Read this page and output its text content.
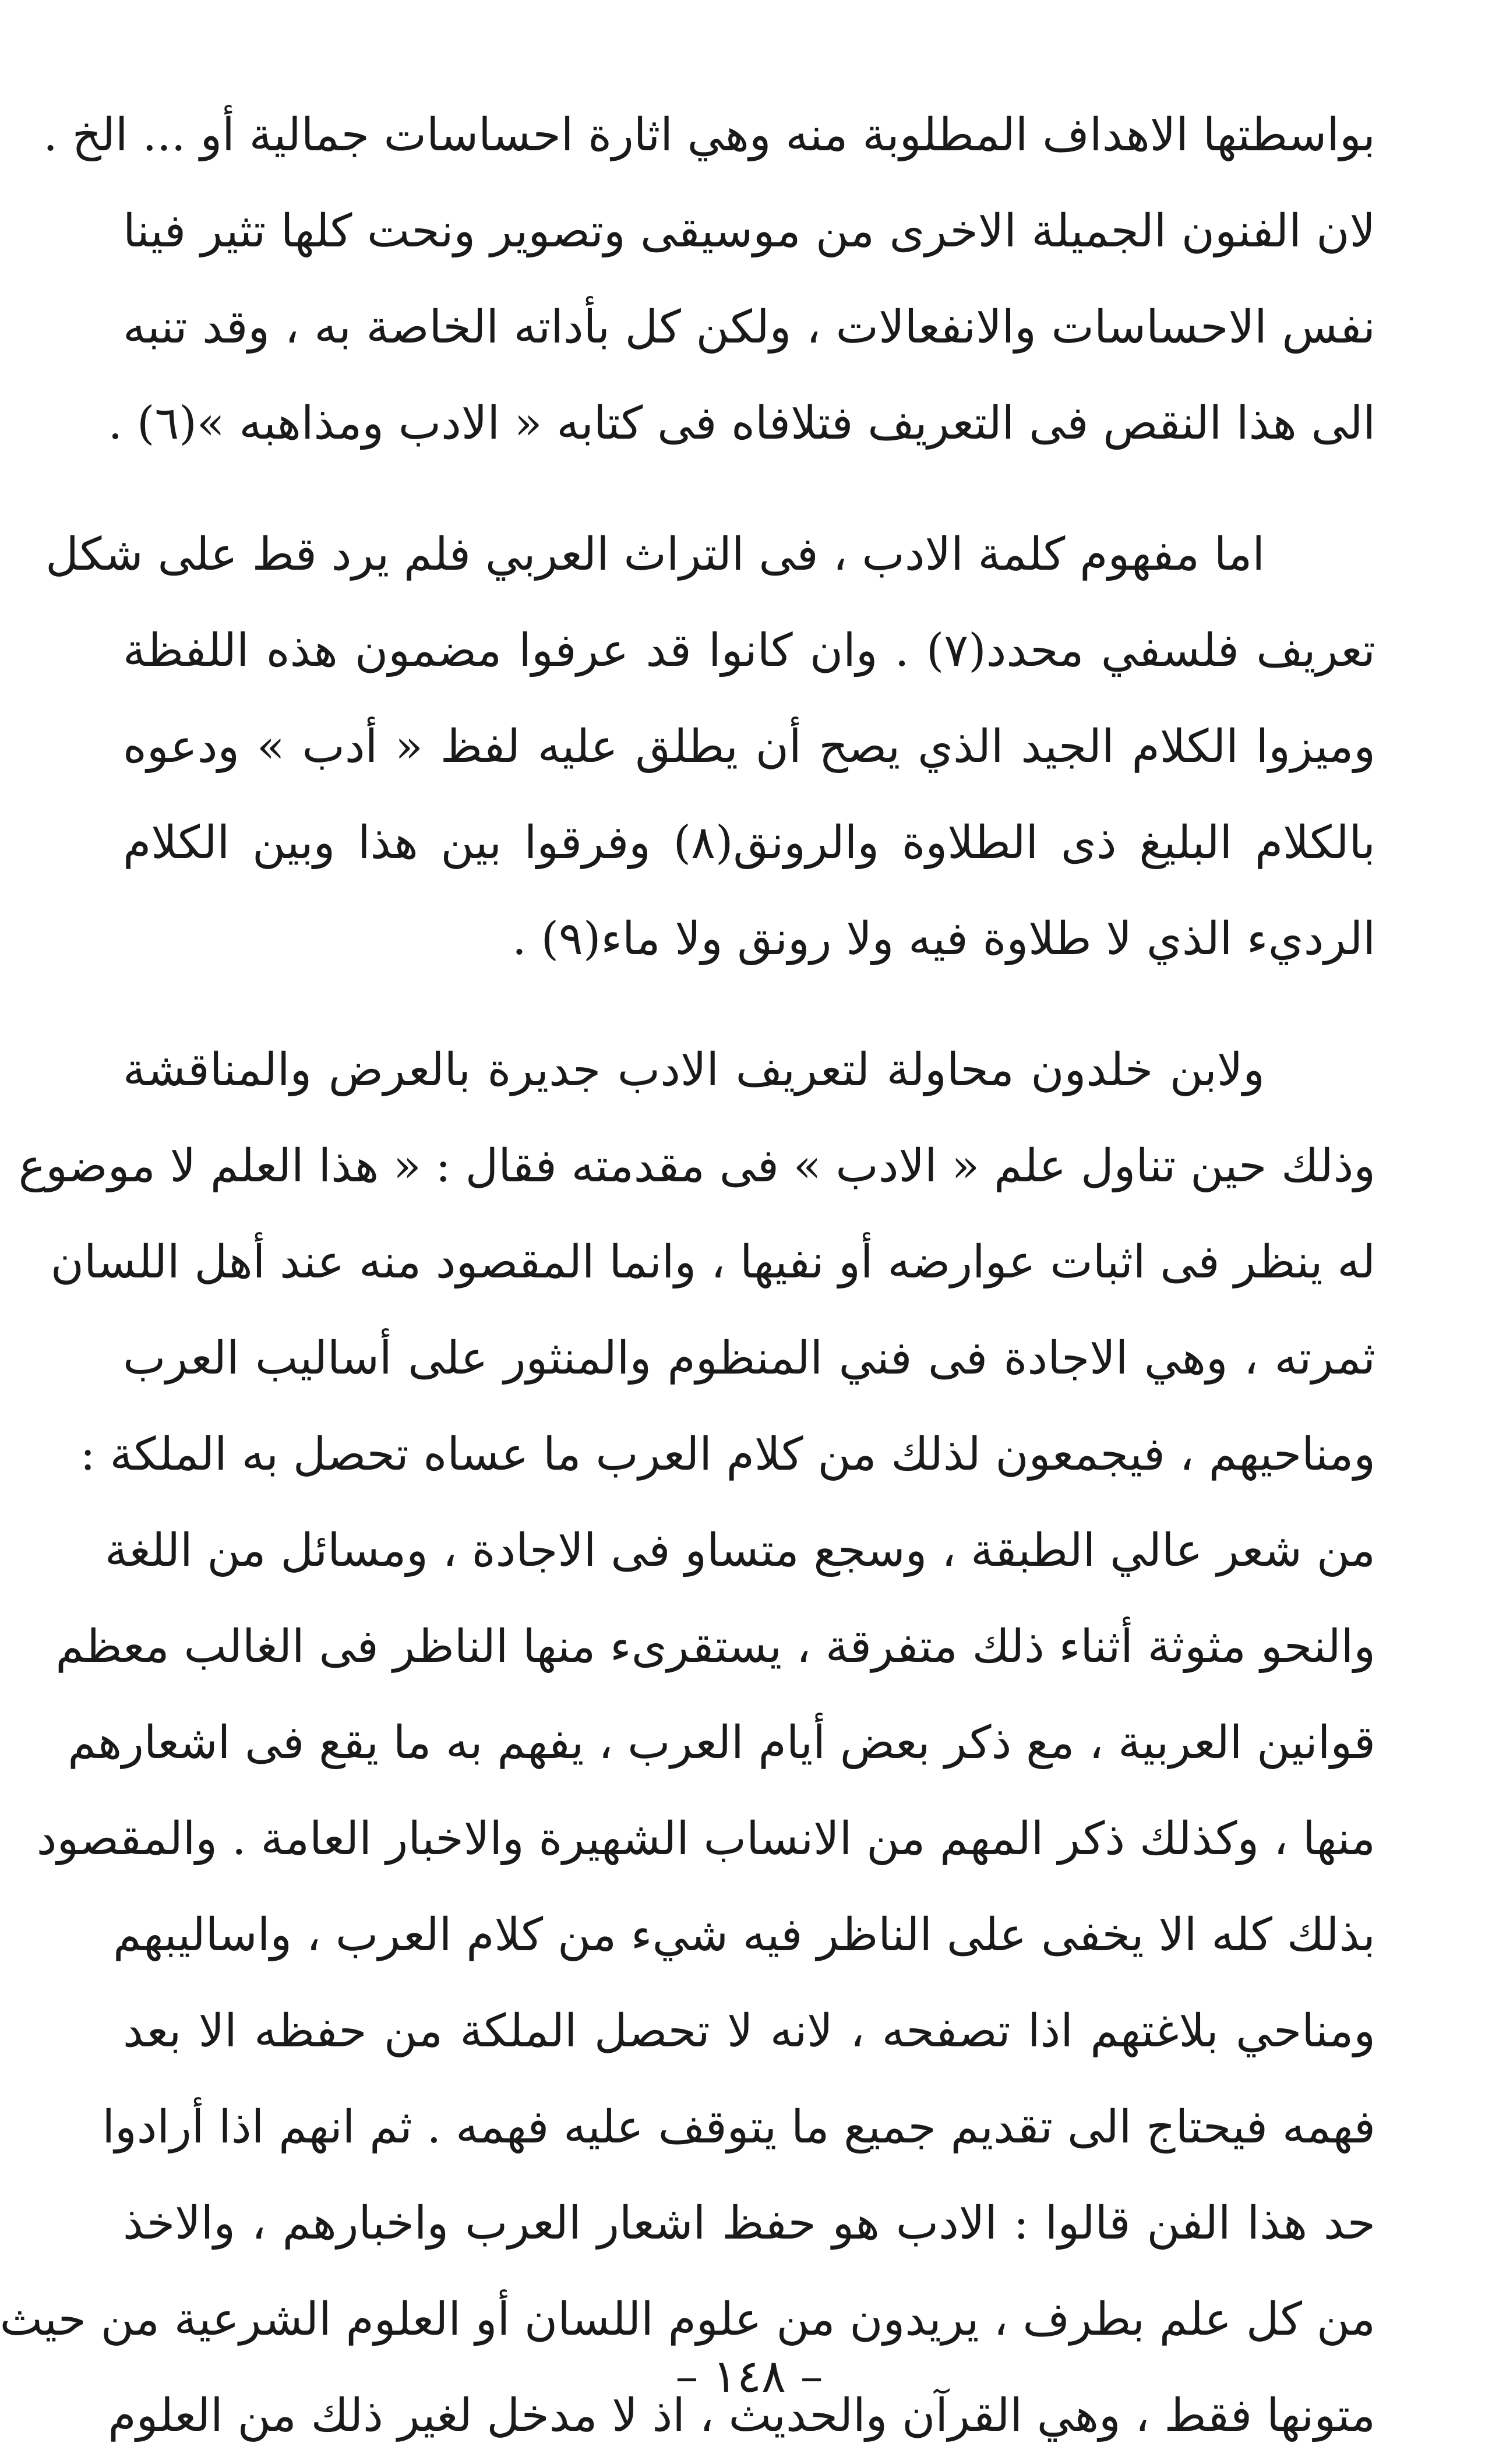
بواسطتها الاهداف المطلوبة منه وهي اثارة احساسات جمالية أو ... الخ .
لان الفنون الجميلة الاخرى من موسيقى وتصوير ونحت كلها تثير فينا
نفس الاحساسات والانفعالات ، ولكن كل بأداته الخاصة به ، وقد تنبه
الى هذا النقص فى التعريف فتلافاه فى كتابه « الادب ومذاهبه »(٦) .
اما مفهوم كلمة الادب ، فى التراث العربي فلم يرد قط على شكل
تعريف فلسفي محدد(٧) . وان كانوا قد عرفوا مضمون هذه اللفظة
وميزوا الكلام الجيد الذي يصح أن يطلق عليه لفظ « أدب » ودعوه
بالكلام البليغ ذى الطلاوة والرونق(٨) وفرقوا بين هذا وبين الكلام
الرديء الذي لا طلاوة فيه ولا رونق ولا ماء(٩) .
ولابن خلدون محاولة لتعريف الادب جديرة بالعرض والمناقشة
وذلك حين تناول علم « الادب » فى مقدمته فقال : « هذا العلم لا موضوع
له ينظر فى اثبات عوارضه أو نفيها ، وانما المقصود منه عند أهل اللسان
ثمرته ، وهي الاجادة فى فني المنظوم والمنثور على أساليب العرب
ومناحيهم ، فيجمعون لذلك من كلام العرب ما عساه تحصل به الملكة :
من شعر عالي الطبقة ، وسجع متساو فى الاجادة ، ومسائل من اللغة
والنحو مثوثة أثناء ذلك متفرقة ، يستقرىء منها الناظر فى الغالب معظم
قوانين العربية ، مع ذكر بعض أيام العرب ، يفهم به ما يقع فى اشعارهم
منها ، وكذلك ذكر المهم من الانساب الشهيرة والاخبار العامة . والمقصود
بذلك كله الا يخفى على الناظر فيه شيء من كلام العرب ، واساليبهم
ومناحي بلاغتهم اذا تصفحه ، لانه لا تحصل الملكة من حفظه الا بعد
فهمه فيحتاج الى تقديم جميع ما يتوقف عليه فهمه . ثم انهم اذا أرادوا
حد هذا الفن قالوا : الادب هو حفظ اشعار العرب واخبارهم ، والاخذ
من كل علم بطرف ، يريدون من علوم اللسان أو العلوم الشرعية من حيث
متونها فقط ، وهي القرآن والحديث ، اذ لا مدخل لغير ذلك من العلوم
– ١٤٨ –
